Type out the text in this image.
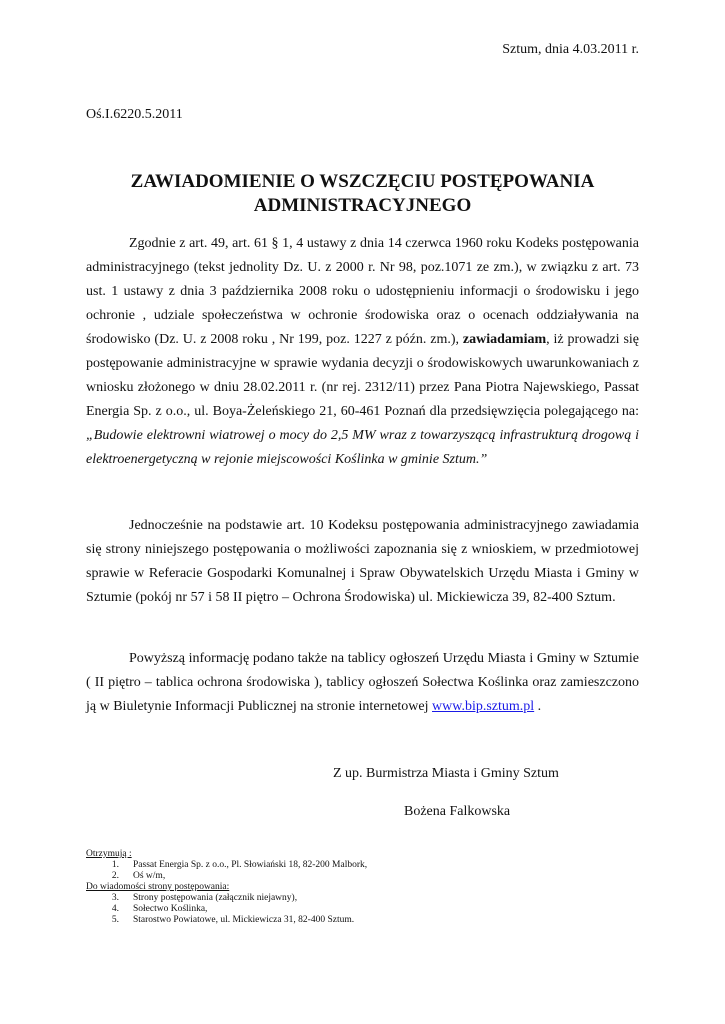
Sztum, dnia 4.03.2011 r.
Oś.I.6220.5.2011
ZAWIADOMIENIE O WSZCZĘCIU POSTĘPOWANIA
ADMINISTRACYJNEGO

Zgodnie z art. 49, art. 61 § 1, 4 ustawy z dnia 14 czerwca 1960 roku Kodeks postępowania administracyjnego (tekst jednolity Dz. U. z 2000 r. Nr 98, poz.1071 ze zm.), w związku z art. 73 ust. 1 ustawy z dnia 3 października 2008 roku o udostępnieniu informacji o środowisku i jego ochronie , udziale społeczeństwa w ochronie środowiska oraz o ocenach oddziaływania na środowisko (Dz. U. z 2008 roku , Nr 199, poz. 1227 z późn. zm.), zawiadamiam, iż prowadzi się postępowanie administracyjne w sprawie wydania decyzji o środowiskowych uwarunkowaniach z wniosku złożonego w dniu 28.02.2011 r. (nr rej. 2312/11) przez Pana Piotra Najewskiego, Passat Energia Sp. z o.o., ul. Boya-Żeleńskiego 21, 60-461 Poznań dla przedsięwzięcia polegającego na: „Budowie elektrowni wiatrowej o mocy do 2,5 MW wraz z towarzyszącą infrastrukturą drogową i elektroenergetyczną w rejonie miejscowości Koślinka w gminie Sztum.”

Jednocześnie na podstawie art. 10 Kodeksu postępowania administracyjnego zawiadamia się strony niniejszego postępowania o możliwości zapoznania się z wnioskiem, w przedmiotowej sprawie w Referacie Gospodarki Komunalnej i Spraw Obywatelskich Urzędu Miasta i Gminy w Sztumie (pokój nr 57 i 58 II piętro – Ochrona Środowiska) ul. Mickiewicza 39, 82-400 Sztum.

Powyższą informację podano także na tablicy ogłoszeń Urzędu Miasta i Gminy w Sztumie ( II piętro – tablica ochrona środowiska ), tablicy ogłoszeń Sołectwa Koślinka oraz zamieszczono ją w Biuletynie Informacji Publicznej na stronie internetowej www.bip.sztum.pl .

Z up. Burmistrza Miasta i Gminy Sztum
Bożena Falkowska
Otrzymują :
1. Passat Energia Sp. z o.o., Pl. Słowiański 18, 82-200 Malbork,
2. Oś w/m,
Do wiadomości strony postępowania:
3. Strony postępowania (załącznik niejawny),
4. Sołectwo Koślinka,
5. Starostwo Powiatowe, ul. Mickiewicza 31, 82-400 Sztum.
